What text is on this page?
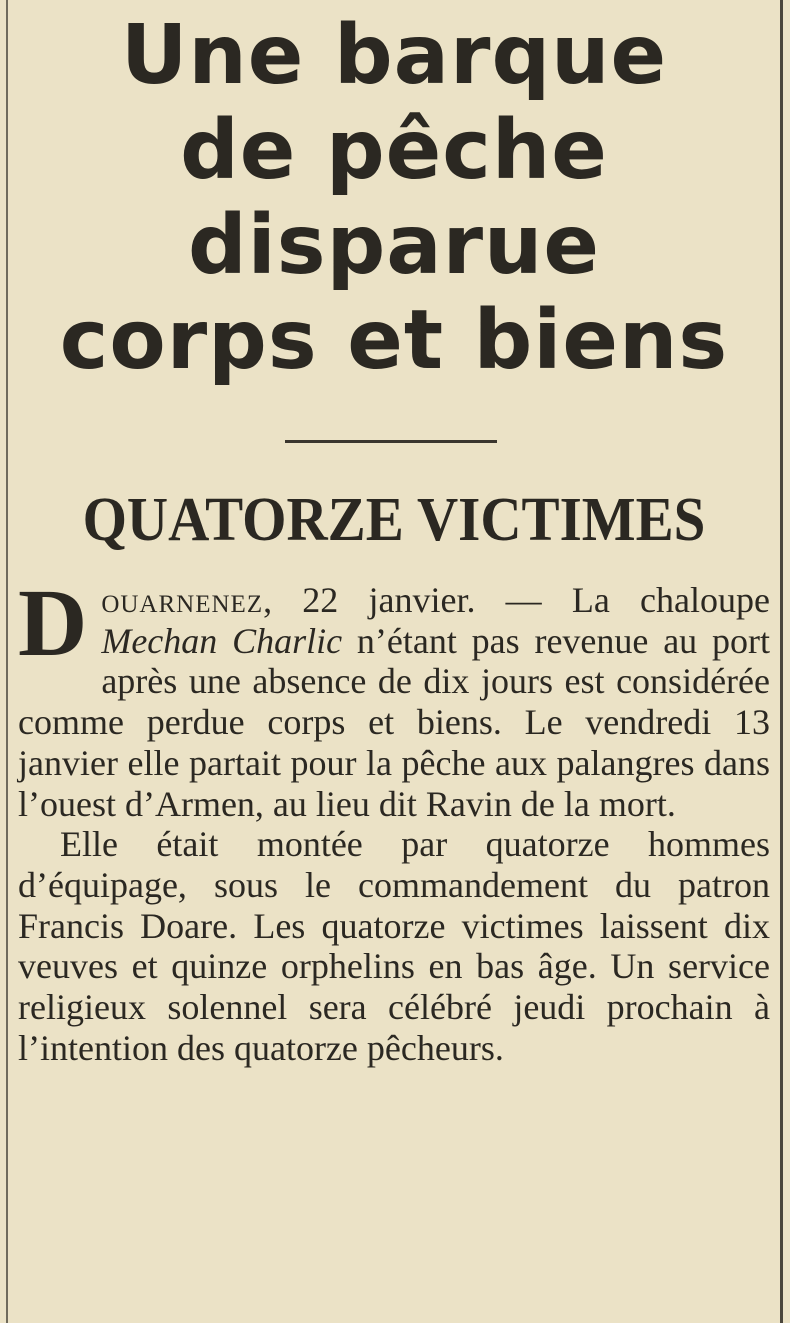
Une barque
de pêche
disparue
corps et biens
QUATORZE VICTIMES

Douarnenez, 22 janvier. — La chaloupe Mechan Charlic n’étant pas revenue au port après une absence de dix jours est considérée comme perdue corps et biens. Le vendredi 13 janvier elle partait pour la pêche aux palangres dans l’ouest d’Armen, au lieu dit Ravin de la mort.

Elle était montée par quatorze hommes d’équipage, sous le commandement du patron Francis Doare. Les quatorze victimes laissent dix veuves et quinze orphelins en bas âge. Un service religieux solennel sera célébré jeudi prochain à l’intention des quatorze pêcheurs.
